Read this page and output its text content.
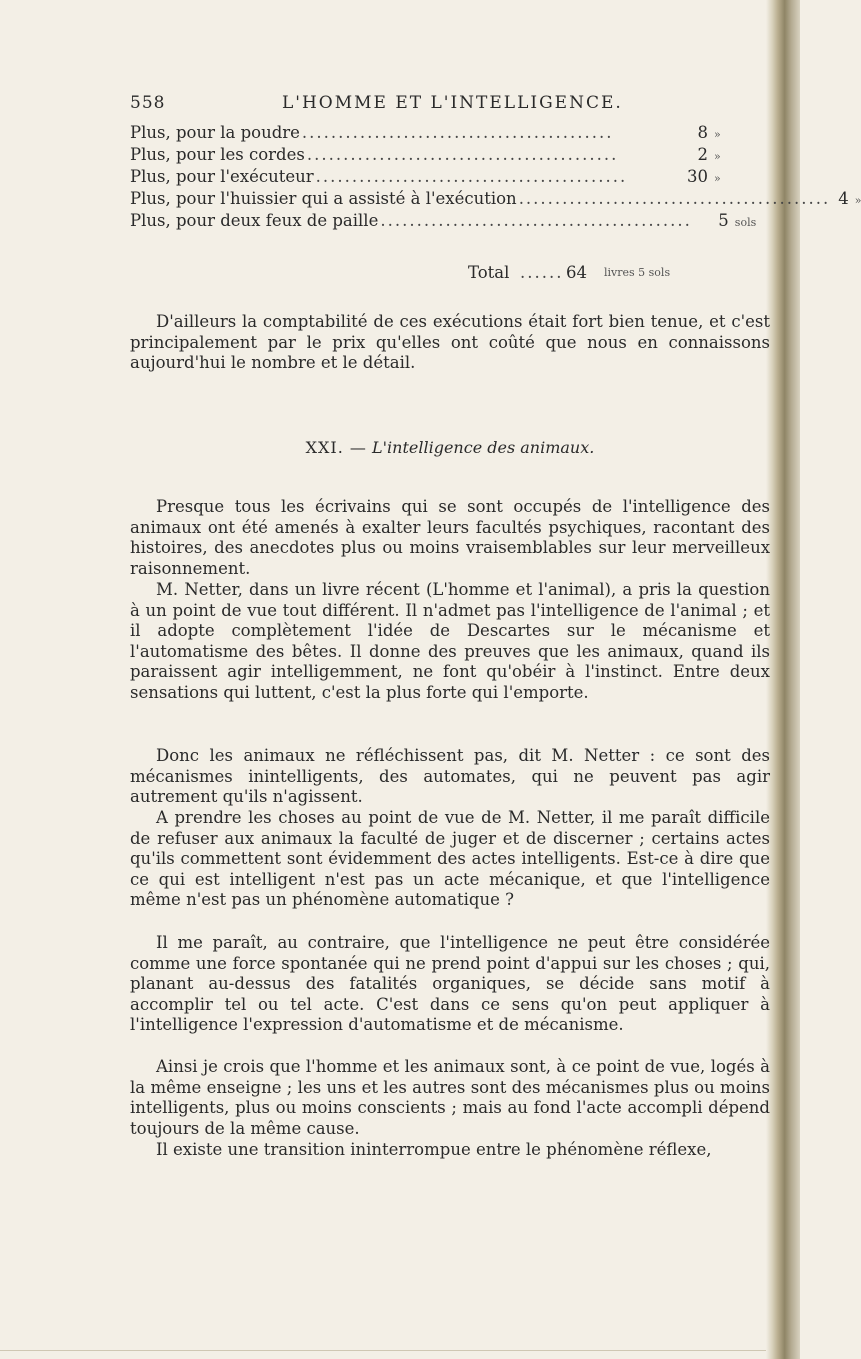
558	L'HOMME ET L'INTELLIGENCE.
Plus, pour la poudre ...........................................	8 »
Plus, pour les cordes ...........................................	2 »
Plus, pour l'exécuteur ...........................................	30 »
Plus, pour l'huissier qui a assisté à l'exécution ........................................... 4 »
Plus, pour deux feux de paille ...........................................	5 sols
Total ...... 64 livres 5 sols

D'ailleurs la comptabilité de ces exécutions était fort bien tenue, et c'est principalement par le prix qu'elles ont coûté que nous en connaissons aujourd'hui le nombre et le détail.

XXI. — L'intelligence des animaux.

Presque tous les écrivains qui se sont occupés de l'intelligence des animaux ont été amenés à exalter leurs facultés psychiques, racontant des histoires, des anecdotes plus ou moins vraisemblables sur leur merveilleux raisonnement.

M. Netter, dans un livre récent (L'homme et l'animal), a pris la question à un point de vue tout différent. Il n'admet pas l'intelligence de l'animal ; et il adopte complètement l'idée de Descartes sur le mécanisme et l'automatisme des bêtes. Il donne des preuves que les animaux, quand ils paraissent agir intelligemment, ne font qu'obéir à l'instinct. Entre deux sensations qui luttent, c'est la plus forte qui l'emporte.

Donc les animaux ne réfléchissent pas, dit M. Netter : ce sont des mécanismes inintelligents, des automates, qui ne peuvent pas agir autrement qu'ils n'agissent.

A prendre les choses au point de vue de M. Netter, il me paraît difficile de refuser aux animaux la faculté de juger et de discerner ; certains actes qu'ils commettent sont évidemment des actes intelligents. Est-ce à dire que ce qui est intelligent n'est pas un acte mécanique, et que l'intelligence même n'est pas un phénomène automatique ?

Il me paraît, au contraire, que l'intelligence ne peut être considérée comme une force spontanée qui ne prend point d'appui sur les choses ; qui, planant au-dessus des fatalités organiques, se décide sans motif à accomplir tel ou tel acte. C'est dans ce sens qu'on peut appliquer à l'intelligence l'expression d'automatisme et de mécanisme.

Ainsi je crois que l'homme et les animaux sont, à ce point de vue, logés à la même enseigne ; les uns et les autres sont des mécanismes plus ou moins intelligents, plus ou moins conscients ; mais au fond l'acte accompli dépend toujours de la même cause.

Il existe une transition ininterrompue entre le phénomène réflexe,
